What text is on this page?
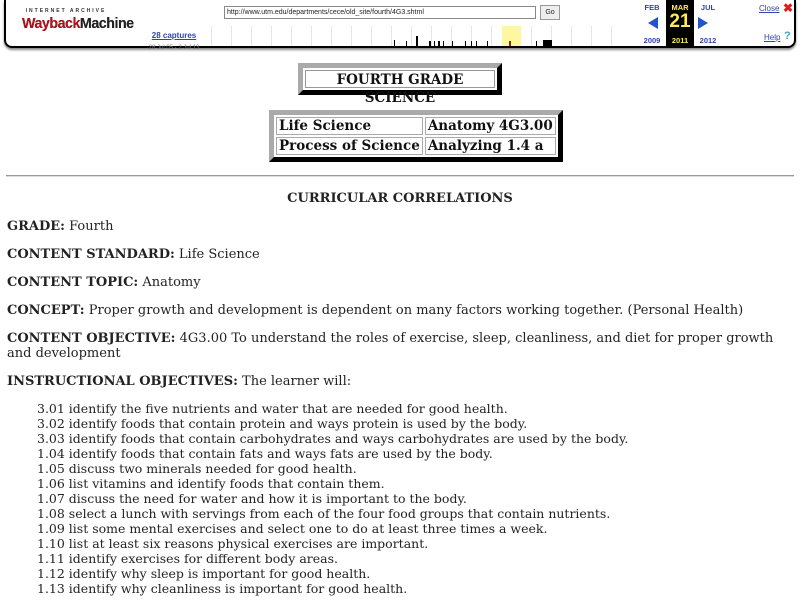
INTERNET ARCHIVE
WaybackMachine
28 captures
28 Jul 05 - 2 Jul 13
http://www.utm.edu/departments/cece/old_site/fourth/4G3.shtml	Go
FEB
2009
MAR
21
2011
JUL
2012
Close ✖
Help ?
FOURTH GRADE SCIENCE
Life Science	Anatomy 4G3.00
Process of Science	Analyzing 1.4 a
CURRICULAR CORRELATIONS
GRADE: Fourth
CONTENT STANDARD: Life Science
CONTENT TOPIC: Anatomy
CONCEPT: Proper growth and development is dependent on many factors working together. (Personal Health)
CONTENT OBJECTIVE: 4G3.00 To understand the roles of exercise, sleep, cleanliness, and diet for proper growth and development
INSTRUCTIONAL OBJECTIVES: The learner will:
3.01 identify the five nutrients and water that are needed for good health.
3.02 identify foods that contain protein and ways protein is used by the body.
3.03 identify foods that contain carbohydrates and ways carbohydrates are used by the body.
1.04 identify foods that contain fats and ways fats are used by the body.
1.05 discuss two minerals needed for good health.
1.06 list vitamins and identify foods that contain them.
1.07 discuss the need for water and how it is important to the body.
1.08 select a lunch with servings from each of the four food groups that contain nutrients.
1.09 list some mental exercises and select one to do at least three times a week.
1.10 list at least six reasons physical exercises are important.
1.11 identify exercises for different body areas.
1.12 identify why sleep is important for good health.
1.13 identify why cleanliness is important for good health.
